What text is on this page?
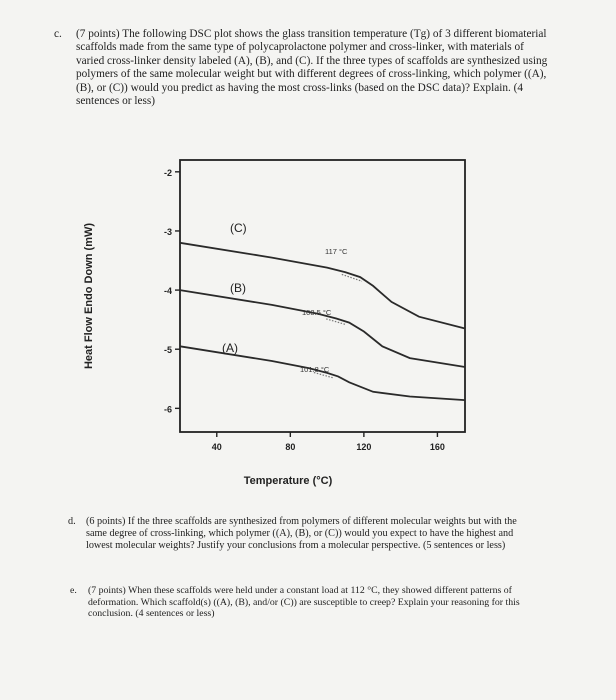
c. (7 points) The following DSC plot shows the glass transition temperature (Tg) of 3 different biomaterial scaffolds made from the same type of polycaprolactone polymer and cross-linker, with materials of varied cross-linker density labeled (A), (B), and (C). If the three types of scaffolds are synthesized using polymers of the same molecular weight but with different degrees of cross-linking, which polymer ((A), (B), or (C)) would you predict as having the most cross-links (based on the DSC data)? Explain. (4 sentences or less)
-2
-3
-4
-5
-6
40	80	120	160
(C)
117 °C
(B)
108.5 °C
(A)
101.8 °C
Heat Flow Endo Down (mW)
Temperature (°C)
d. (6 points) If the three scaffolds are synthesized from polymers of different molecular weights but with the same degree of cross-linking, which polymer ((A), (B), or (C)) would you expect to have the highest and lowest molecular weights? Justify your conclusions from a molecular perspective. (5 sentences or less)
e. (7 points) When these scaffolds were held under a constant load at 112 °C, they showed different patterns of deformation. Which scaffold(s) ((A), (B), and/or (C)) are susceptible to creep? Explain your reasoning for this conclusion. (4 sentences or less)
